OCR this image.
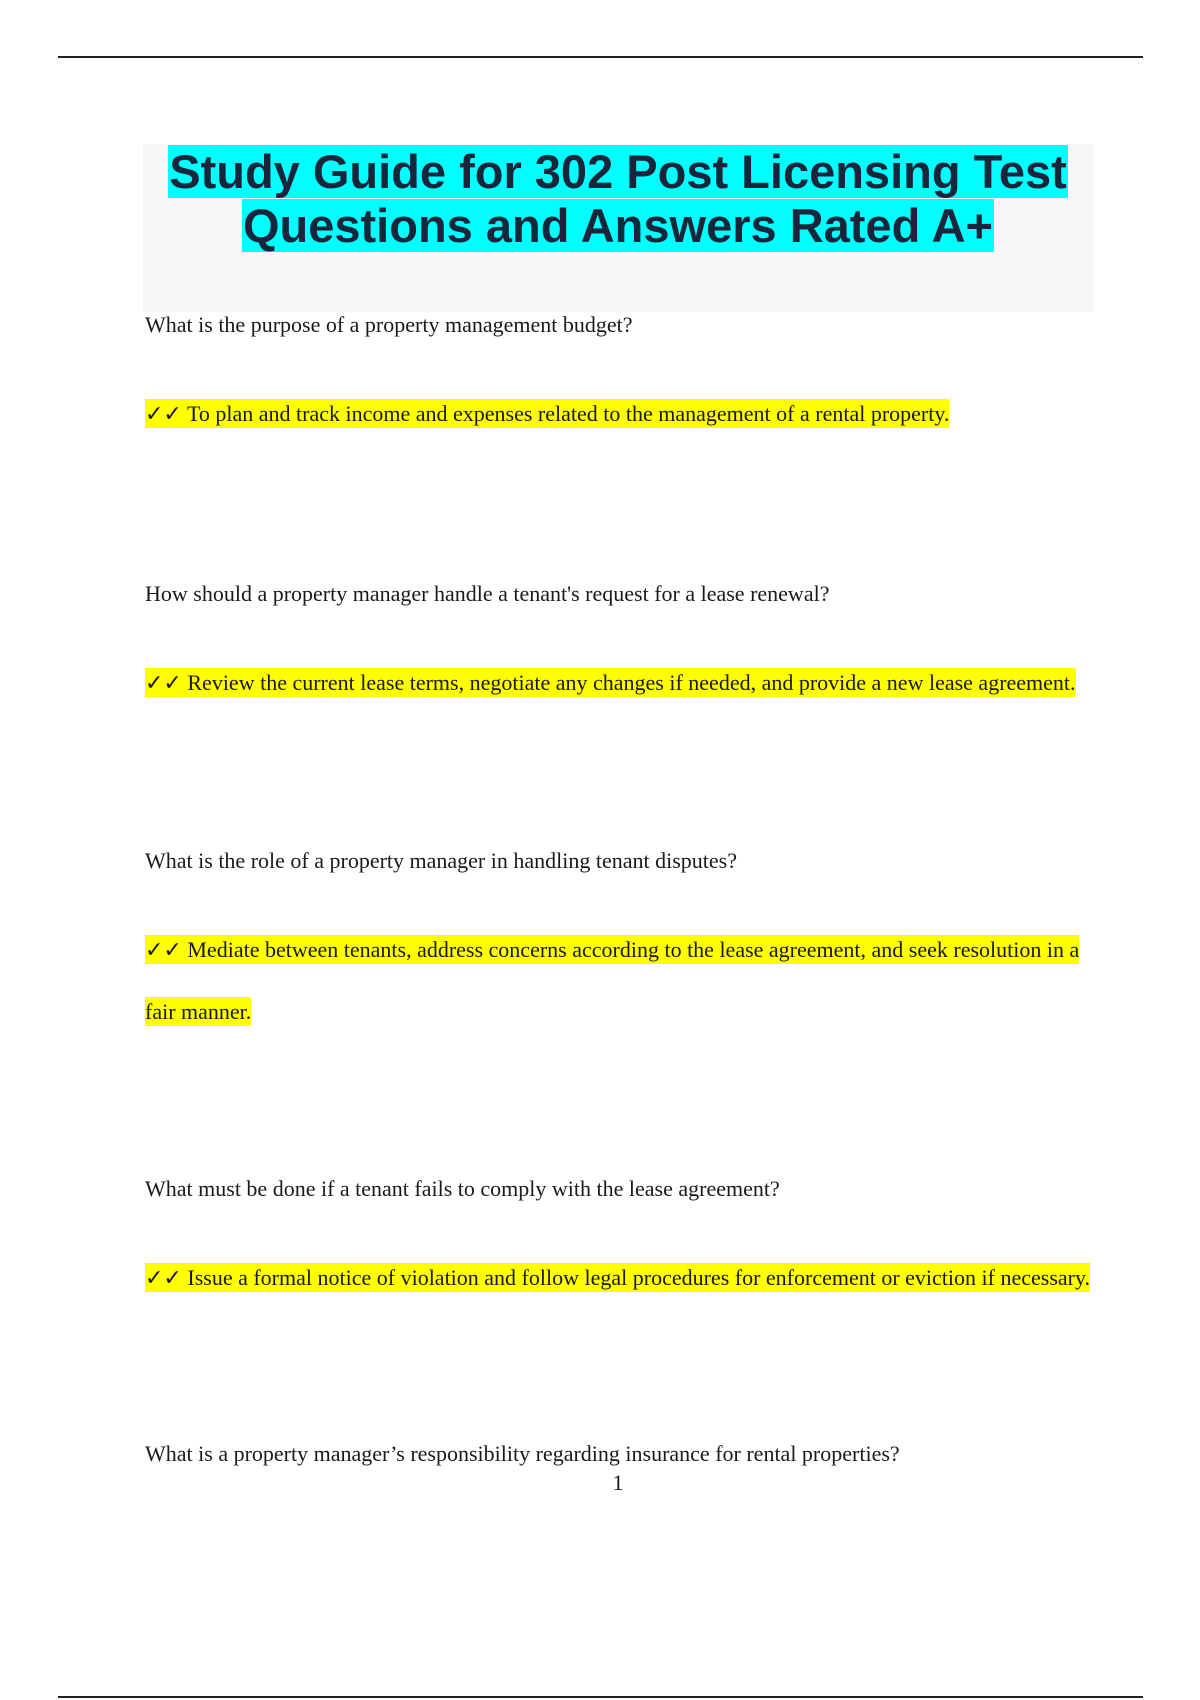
Study Guide for 302 Post Licensing Test
Questions and Answers Rated A+

What is the purpose of a property management budget?

✓✓ To plan and track income and expenses related to the management of a rental property.

How should a property manager handle a tenant's request for a lease renewal?

✓✓ Review the current lease terms, negotiate any changes if needed, and provide a new lease agreement.

What is the role of a property manager in handling tenant disputes?

✓✓ Mediate between tenants, address concerns according to the lease agreement, and seek resolution in a fair manner.

What must be done if a tenant fails to comply with the lease agreement?

✓✓ Issue a formal notice of violation and follow legal procedures for enforcement or eviction if necessary.

What is a property manager’s responsibility regarding insurance for rental properties?

1
